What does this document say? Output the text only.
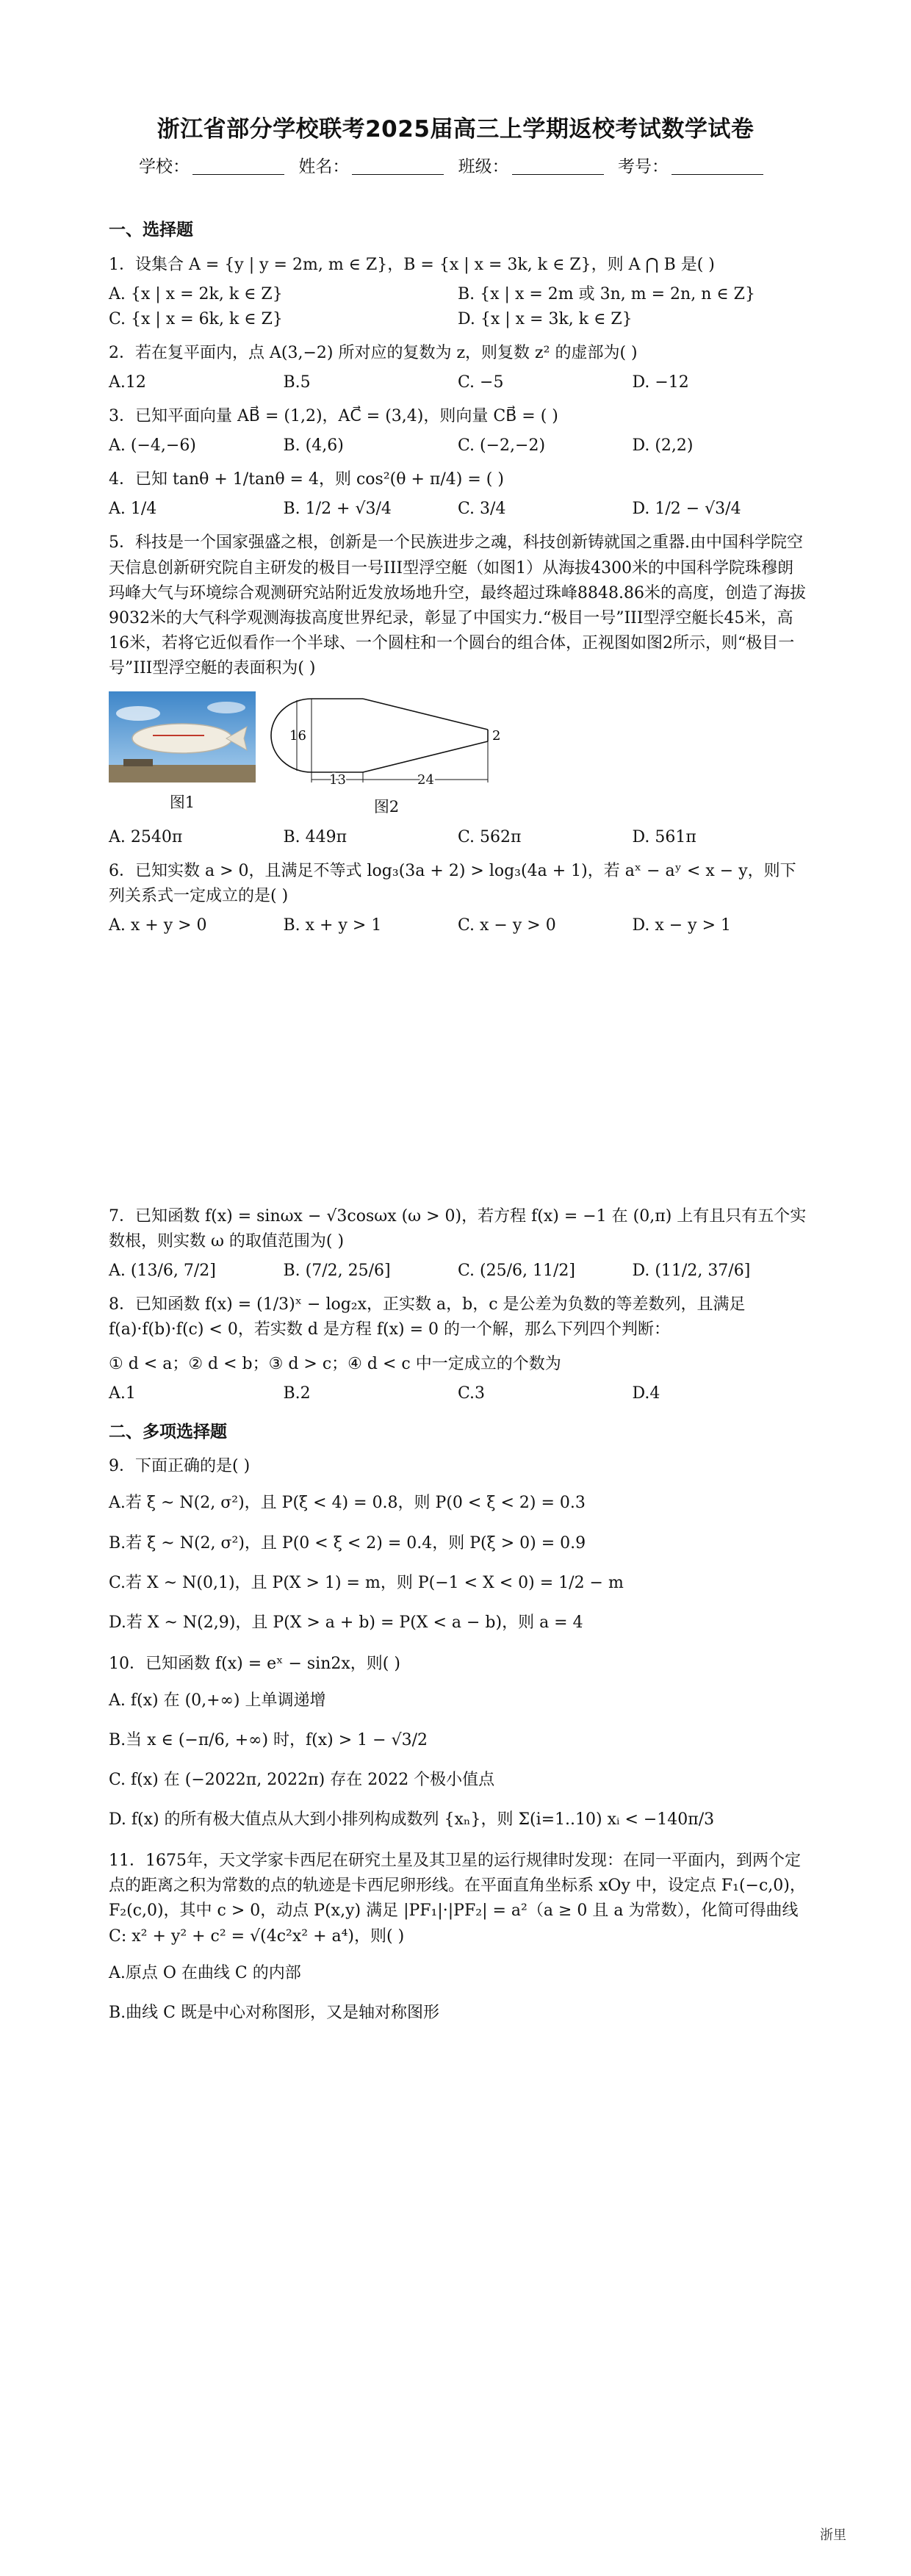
浙江省部分学校联考2025届高三上学期返校考试数学试卷
学校：	姓名：	班级：	考号：
一、选择题
1．设集合 A = {y | y = 2m, m ∈ Z}，B = {x | x = 3k, k ∈ Z}，则 A ⋂ B 是( )
A. {x | x = 2k, k ∈ Z}	B. {x | x = 2m 或 3n, m = 2n, n ∈ Z}
C. {x | x = 6k, k ∈ Z}	D. {x | x = 3k, k ∈ Z}
2．若在复平面内，点 A(3,−2) 所对应的复数为 z，则复数 z² 的虚部为( )
A.12	B.5	C. −5	D. −12
3．已知平面向量 AB⃗ = (1,2)，AC⃗ = (3,4)，则向量 CB⃗ = ( )
A. (−4,−6)	B. (4,6)	C. (−2,−2)	D. (2,2)
4．已知 tanθ + 1/tanθ = 4，则 cos²(θ + π/4) = ( )
A. 1/4	B. 1/2 + √3/4	C. 3/4	D. 1/2 − √3/4
5．科技是一个国家强盛之根，创新是一个民族进步之魂，科技创新铸就国之重器.由中国科学院空天信息创新研究院自主研发的极目一号III型浮空艇（如图1）从海拔4300米的中国科学院珠穆朗玛峰大气与环境综合观测研究站附近发放场地升空，最终超过珠峰8848.86米的高度，创造了海拔9032米的大气科学观测海拔高度世界纪录，彰显了中国实力.“极目一号”III型浮空艇长45米，高16米，若将它近似看作一个半球、一个圆柱和一个圆台的组合体，正视图如图2所示，则“极目一号”III型浮空艇的表面积为( )
图1
16	2
13	24
图2
A. 2540π	B. 449π	C. 562π	D. 561π
6．已知实数 a > 0，且满足不等式 log₃(3a + 2) > log₃(4a + 1)，若 aˣ − aʸ < x − y，则下列关系式一定成立的是( )
A. x + y > 0	B. x + y > 1	C. x − y > 0	D. x − y > 1
7．已知函数 f(x) = sinωx − √3cosωx (ω > 0)，若方程 f(x) = −1 在 (0,π) 上有且只有五个实数根，则实数 ω 的取值范围为( )
A. (13/6, 7/2]	B. (7/2, 25/6]	C. (25/6, 11/2]	D. (11/2, 37/6]
8．已知函数 f(x) = (1/3)ˣ − log₂x，正实数 a，b，c 是公差为负数的等差数列，且满足 f(a)·f(b)·f(c) < 0，若实数 d 是方程 f(x) = 0 的一个解，那么下列四个判断：
① d < a；② d < b；③ d > c；④ d < c 中一定成立的个数为
A.1	B.2	C.3	D.4
二、多项选择题
9．下面正确的是( )
A.若 ξ ~ N(2, σ²)，且 P(ξ < 4) = 0.8，则 P(0 < ξ < 2) = 0.3
B.若 ξ ~ N(2, σ²)，且 P(0 < ξ < 2) = 0.4，则 P(ξ > 0) = 0.9
C.若 X ~ N(0,1)，且 P(X > 1) = m，则 P(−1 < X < 0) = 1/2 − m
D.若 X ~ N(2,9)，且 P(X > a + b) = P(X < a − b)，则 a = 4
10．已知函数 f(x) = eˣ − sin2x，则( )
A. f(x) 在 (0,+∞) 上单调递增
B.当 x ∈ (−π/6, +∞) 时，f(x) > 1 − √3/2
C. f(x) 在 (−2022π, 2022π) 存在 2022 个极小值点
D. f(x) 的所有极大值点从大到小排列构成数列 {xₙ}，则 Σ(i=1..10) xᵢ < −140π/3
11．1675年，天文学家卡西尼在研究土星及其卫星的运行规律时发现：在同一平面内，到两个定点的距离之积为常数的点的轨迹是卡西尼卵形线。在平面直角坐标系 xOy 中，设定点 F₁(−c,0)，F₂(c,0)，其中 c > 0，动点 P(x,y) 满足 |PF₁|·|PF₂| = a²（a ≥ 0 且 a 为常数），化简可得曲线 C: x² + y² + c² = √(4c²x² + a⁴)，则( )
A.原点 O 在曲线 C 的内部
B.曲线 C 既是中心对称图形，又是轴对称图形
浙里
